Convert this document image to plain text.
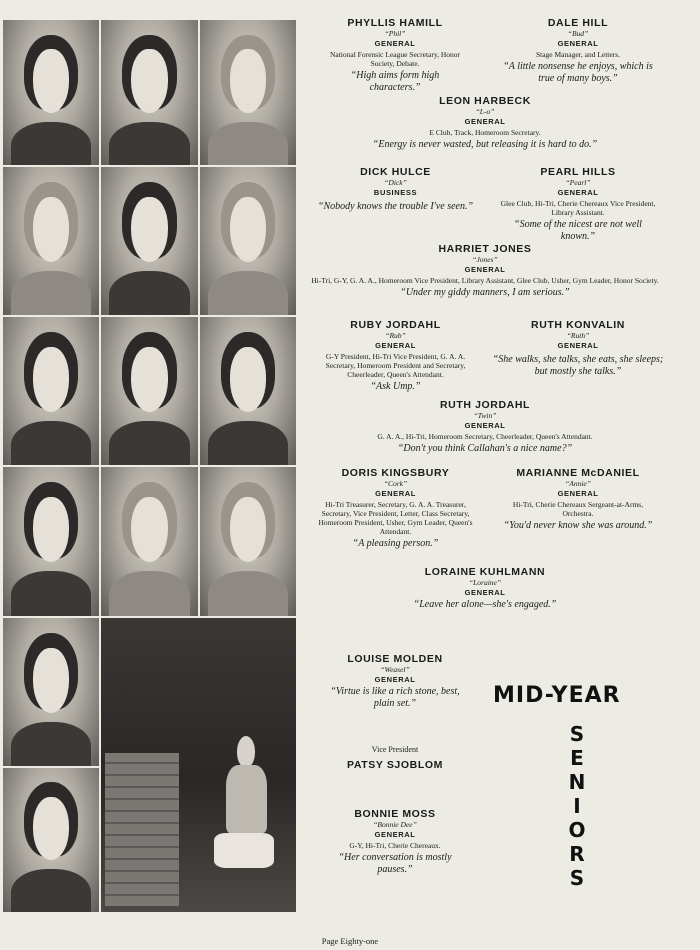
PHYLLIS HAMILL
“Phil”
GENERAL
National Forensic League Secretary, Honor Society, Debate.
“High aims form high characters.”
DALE HILL
“Bud”
GENERAL
Stage Manager, and Letters.
“A little nonsense he enjoys, which is true of many boys.”
LEON HARBECK
“L-o”
GENERAL
E Club, Track, Homeroom Secretary.
“Energy is never wasted, but releasing it is hard to do.”
DICK HULCE
“Dick”
BUSINESS
“Nobody knows the trouble I've seen.”
PEARL HILLS
“Pearl”
GENERAL
Glee Club, Hi-Tri, Cherie Chereaux Vice President, Library Assistant.
“Some of the nicest are not well known.”
HARRIET JONES
“Jones”
GENERAL
Hi-Tri, G-Y, G. A. A., Homeroom Vice President, Library Assistant, Glee Club, Usher, Gym Leader, Honor Society.
“Under my giddy manners, I am serious.”
RUBY JORDAHL
“Rub”
GENERAL
G-Y President, Hi-Tri Vice President, G. A. A. Secretary, Homeroom President and Secretary, Cheerleader, Queen's Attendant.
“Ask Ump.”
RUTH KONVALIN
“Ruth”
GENERAL
“She walks, she talks, she eats, she sleeps; but mostly she talks.”
RUTH JORDAHL
“Twin”
GENERAL
G. A. A., Hi-Tri, Homeroom Secretary, Cheerleader, Queen's Attendant.
“Don't you think Callahan's a nice name?”
DORIS KINGSBURY
“Cork”
GENERAL
Hi-Tri Treasurer, Secretary, G. A. A. Treasurer, Secretary, Vice President, Letter, Class Secretary, Homeroom President, Usher, Gym Leader, Queen's Attendant.
“A pleasing person.”
MARIANNE McDANIEL
“Annie”
GENERAL
Hi-Tri, Cherie Chereaux Sergeant-at-Arms, Orchestra.
“You'd never know she was around.”
LORAINE KUHLMANN
“Loraine”
GENERAL
“Leave her alone—she's engaged.”
LOUISE MOLDEN
“Weasel”
GENERAL
“Virtue is like a rich stone, best, plain set.”
Vice President
PATSY SJOBLOM
BONNIE MOSS
“Bonnie Dee”
GENERAL
G-Y, Hi-Tri, Cherie Chereaux.
“Her conversation is mostly pauses.”
MID-YEAR
S
E
N
I
O
R
S
Page Eighty-one
